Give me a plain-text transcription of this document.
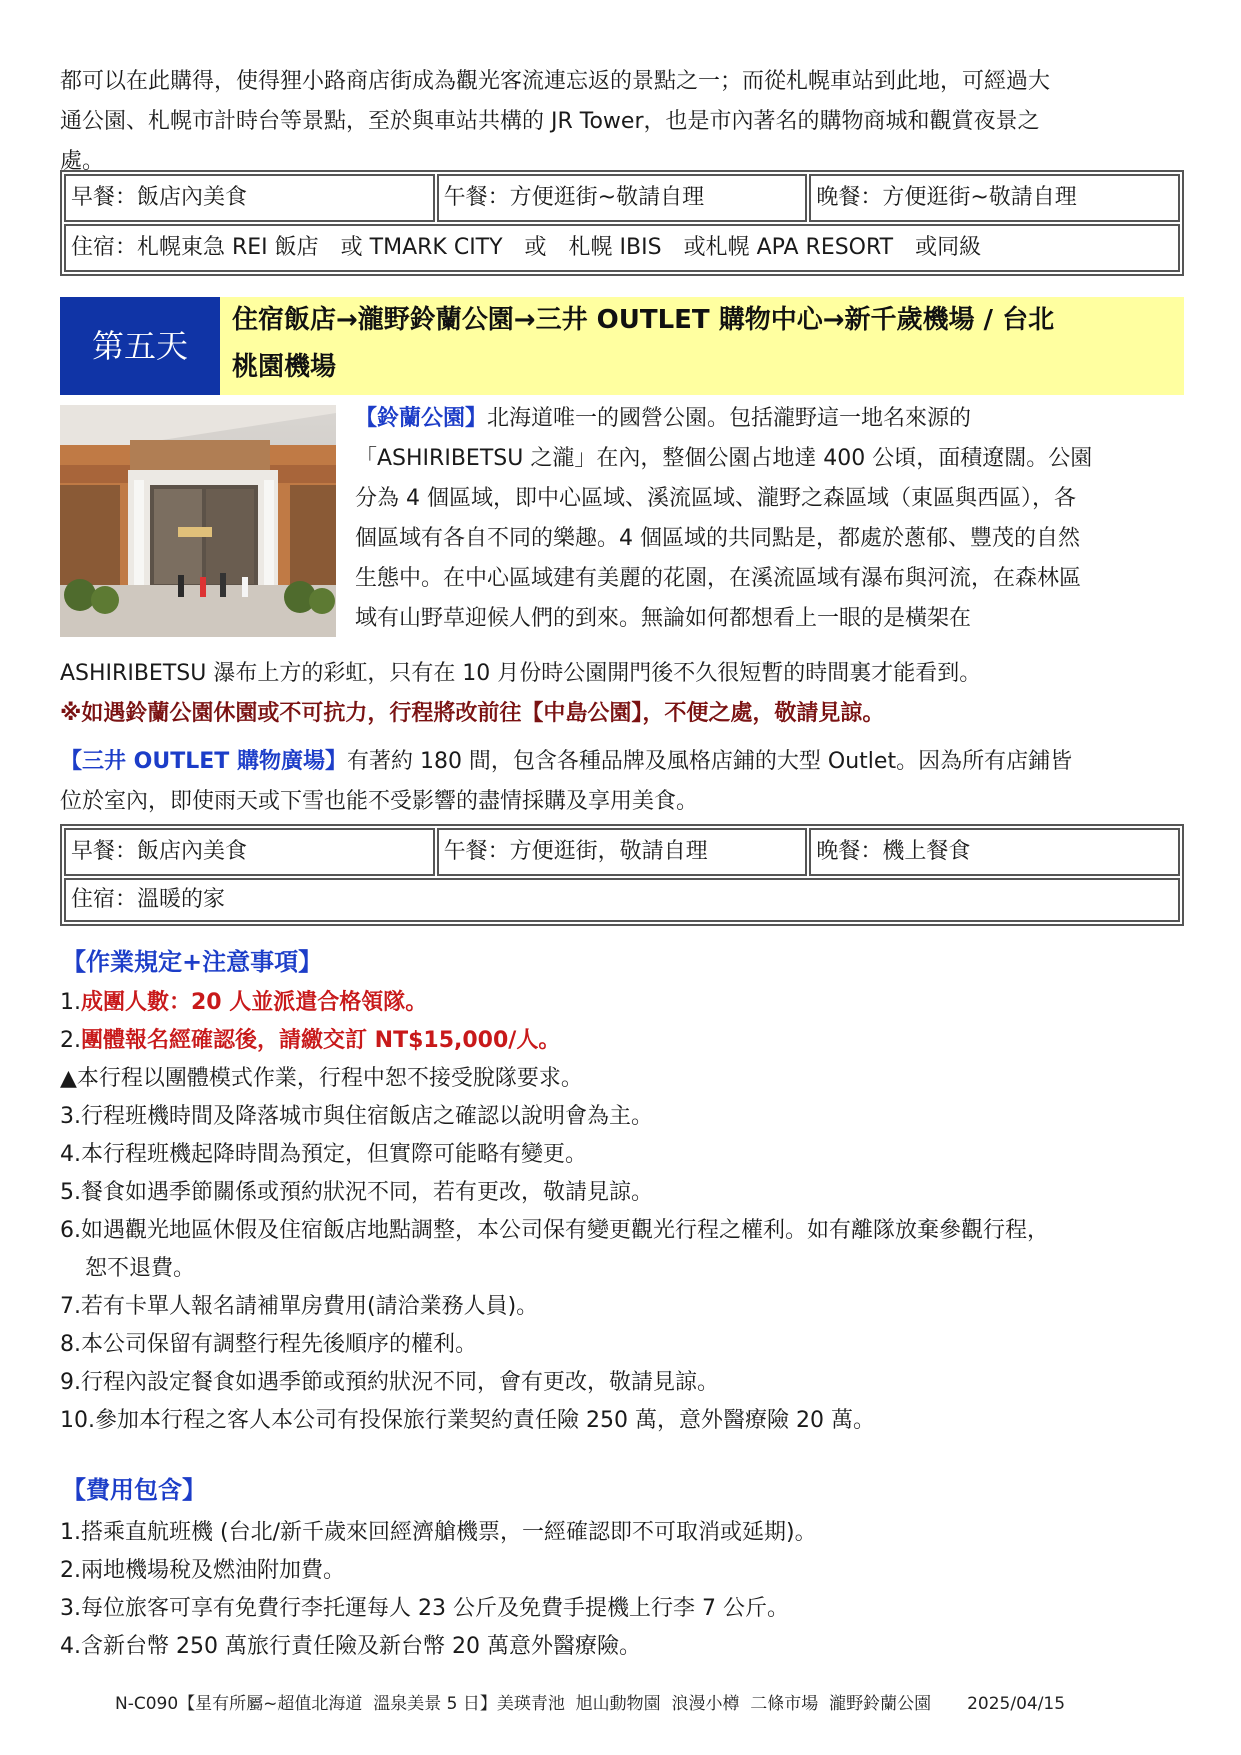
都可以在此購得，使得狸小路商店街成為觀光客流連忘返的景點之一；而從札幌車站到此地，可經過大
通公園、札幌市計時台等景點，至於與車站共構的 JR Tower，也是市內著名的購物商城和觀賞夜景之
處。
早餐：飯店內美食	午餐：方便逛街~敬請自理	晚餐：方便逛街~敬請自理
住宿：札幌東急 REI 飯店　或 TMARK CITY　或　札幌 IBIS　或札幌 APA RESORT　或同級
第五天
住宿飯店→瀧野鈴蘭公園→三井 OUTLET 購物中心→新千歲機場 / 台北
桃園機場
【鈴蘭公園】北海道唯一的國營公園。包括瀧野這一地名來源的
「ASHIRIBETSU 之瀧」在內，整個公園占地達 400 公頃，面積遼闊。公園
分為 4 個區域，即中心區域、溪流區域、瀧野之森區域（東區與西區），各
個區域有各自不同的樂趣。4 個區域的共同點是，都處於蔥郁、豐茂的自然
生態中。在中心區域建有美麗的花園，在溪流區域有瀑布與河流，在森林區
域有山野草迎候人們的到來。無論如何都想看上一眼的是橫架在
ASHIRIBETSU 瀑布上方的彩虹，只有在 10 月份時公園開門後不久很短暫的時間裏才能看到。
※如遇鈴蘭公園休園或不可抗力，行程將改前往【中島公園】，不便之處，敬請見諒。
【三井 OUTLET 購物廣場】有著約 180 間，包含各種品牌及風格店鋪的大型 Outlet。因為所有店鋪皆
位於室內，即使雨天或下雪也能不受影響的盡情採購及享用美食。
早餐：飯店內美食	午餐：方便逛街，敬請自理	晚餐：機上餐食
住宿：溫暖的家
【作業規定+注意事項】
1.成團人數：20 人並派遣合格領隊。
2.團體報名經確認後，請繳交訂 NT$15,000/人。
▲本行程以團體模式作業，行程中恕不接受脫隊要求。
3.行程班機時間及降落城市與住宿飯店之確認以說明會為主。
4.本行程班機起降時間為預定，但實際可能略有變更。
5.餐食如遇季節關係或預約狀況不同，若有更改，敬請見諒。
6.如遇觀光地區休假及住宿飯店地點調整，本公司保有變更觀光行程之權利。如有離隊放棄參觀行程，
恕不退費。
7.若有卡單人報名請補單房費用(請洽業務人員)。
8.本公司保留有調整行程先後順序的權利。
9.行程內設定餐食如遇季節或預約狀況不同，會有更改，敬請見諒。
10.參加本行程之客人本公司有投保旅行業契約責任險 250 萬，意外醫療險 20 萬。
【費用包含】
1.搭乘直航班機 (台北/新千歲來回經濟艙機票，一經確認即不可取消或延期)。
2.兩地機場稅及燃油附加費。
3.每位旅客可享有免費行李托運每人 23 公斤及免費手提機上行李 7 公斤。
4.含新台幣 250 萬旅行責任險及新台幣 20 萬意外醫療險。
N-C090【星有所屬~超值北海道  溫泉美景 5 日】美瑛青池  旭山動物園  浪漫小樽  二條市場  瀧野鈴蘭公園 2025/04/15
